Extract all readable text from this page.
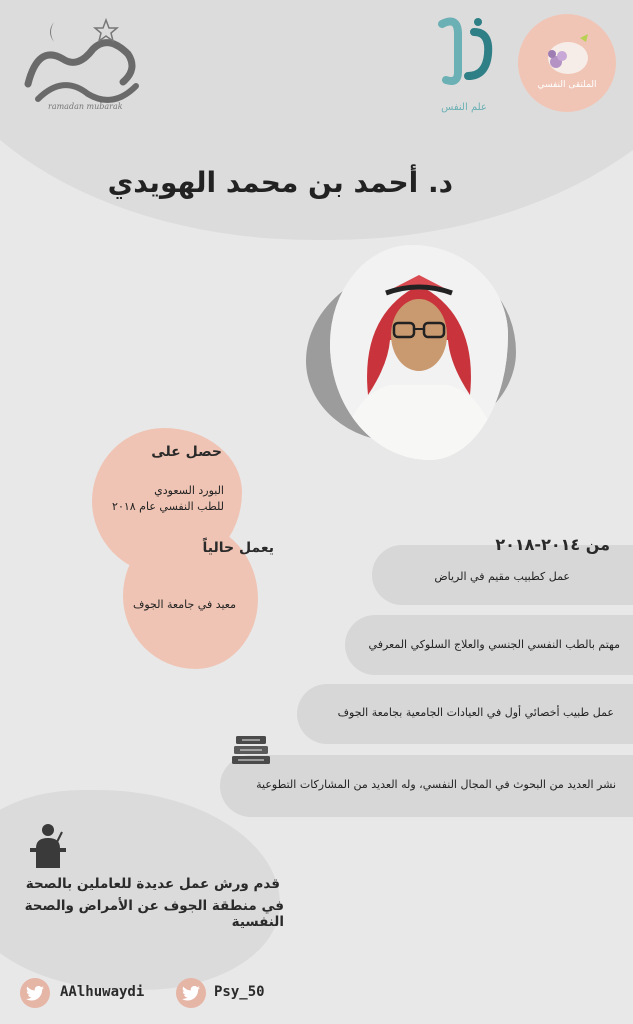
ramadan mubarak	علم النفس
الملتقى النفسي
د. أحمد بن محمد الهويدي
حصل على
البورد السعودي
للطب النفسي عام ٢٠١٨
يعمل حالياً
معيد في جامعة الجوف
من ٢٠١٤-٢٠١٨
عمل كطبيب مقيم في الرياض
مهتم بالطب النفسي الجنسي والعلاج السلوكي المعرفي
عمل طبيب أخصائي أول في العيادات الجامعية بجامعة الجوف
نشر العديد من البحوث في المجال النفسي، وله العديد من المشاركات التطوعية
قدم ورش عمل عديدة للعاملين بالصحة
في منطقة الجوف عن الأمراض والصحة النفسية
AAlhuwaydi	Psy_50
